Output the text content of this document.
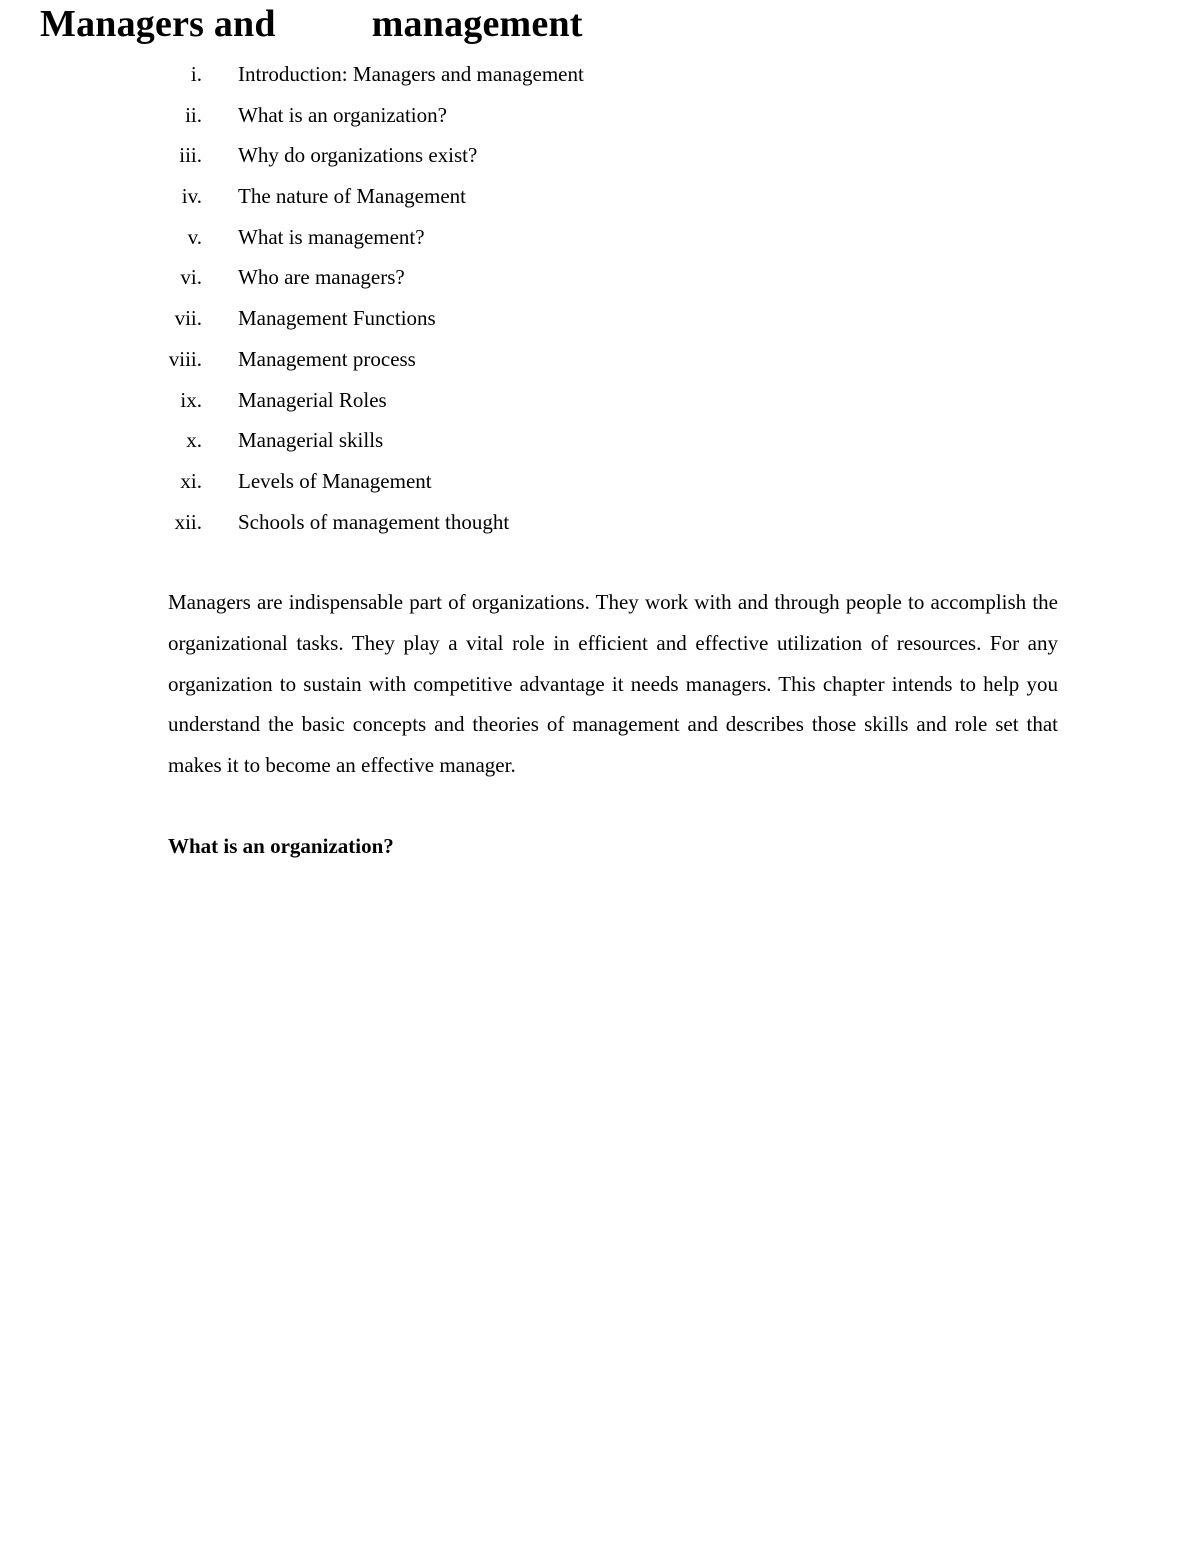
Managers and	management
i. Introduction: Managers and management
ii. What is an organization?
iii. Why do organizations exist?
iv. The nature of Management
v. What is management?
vi. Who are managers?
vii. Management Functions
viii. Management process
ix. Managerial Roles
x. Managerial skills
xi. Levels of Management
xii. Schools of management thought

Managers are indispensable part of organizations. They work with and through people to accomplish the organizational tasks. They play a vital role in efficient and effective utilization of resources. For any organization to sustain with competitive advantage it needs managers. This chapter intends to help you understand the basic concepts and theories of management and describes those skills and role set that makes it to become an effective manager.

What is an organization?
